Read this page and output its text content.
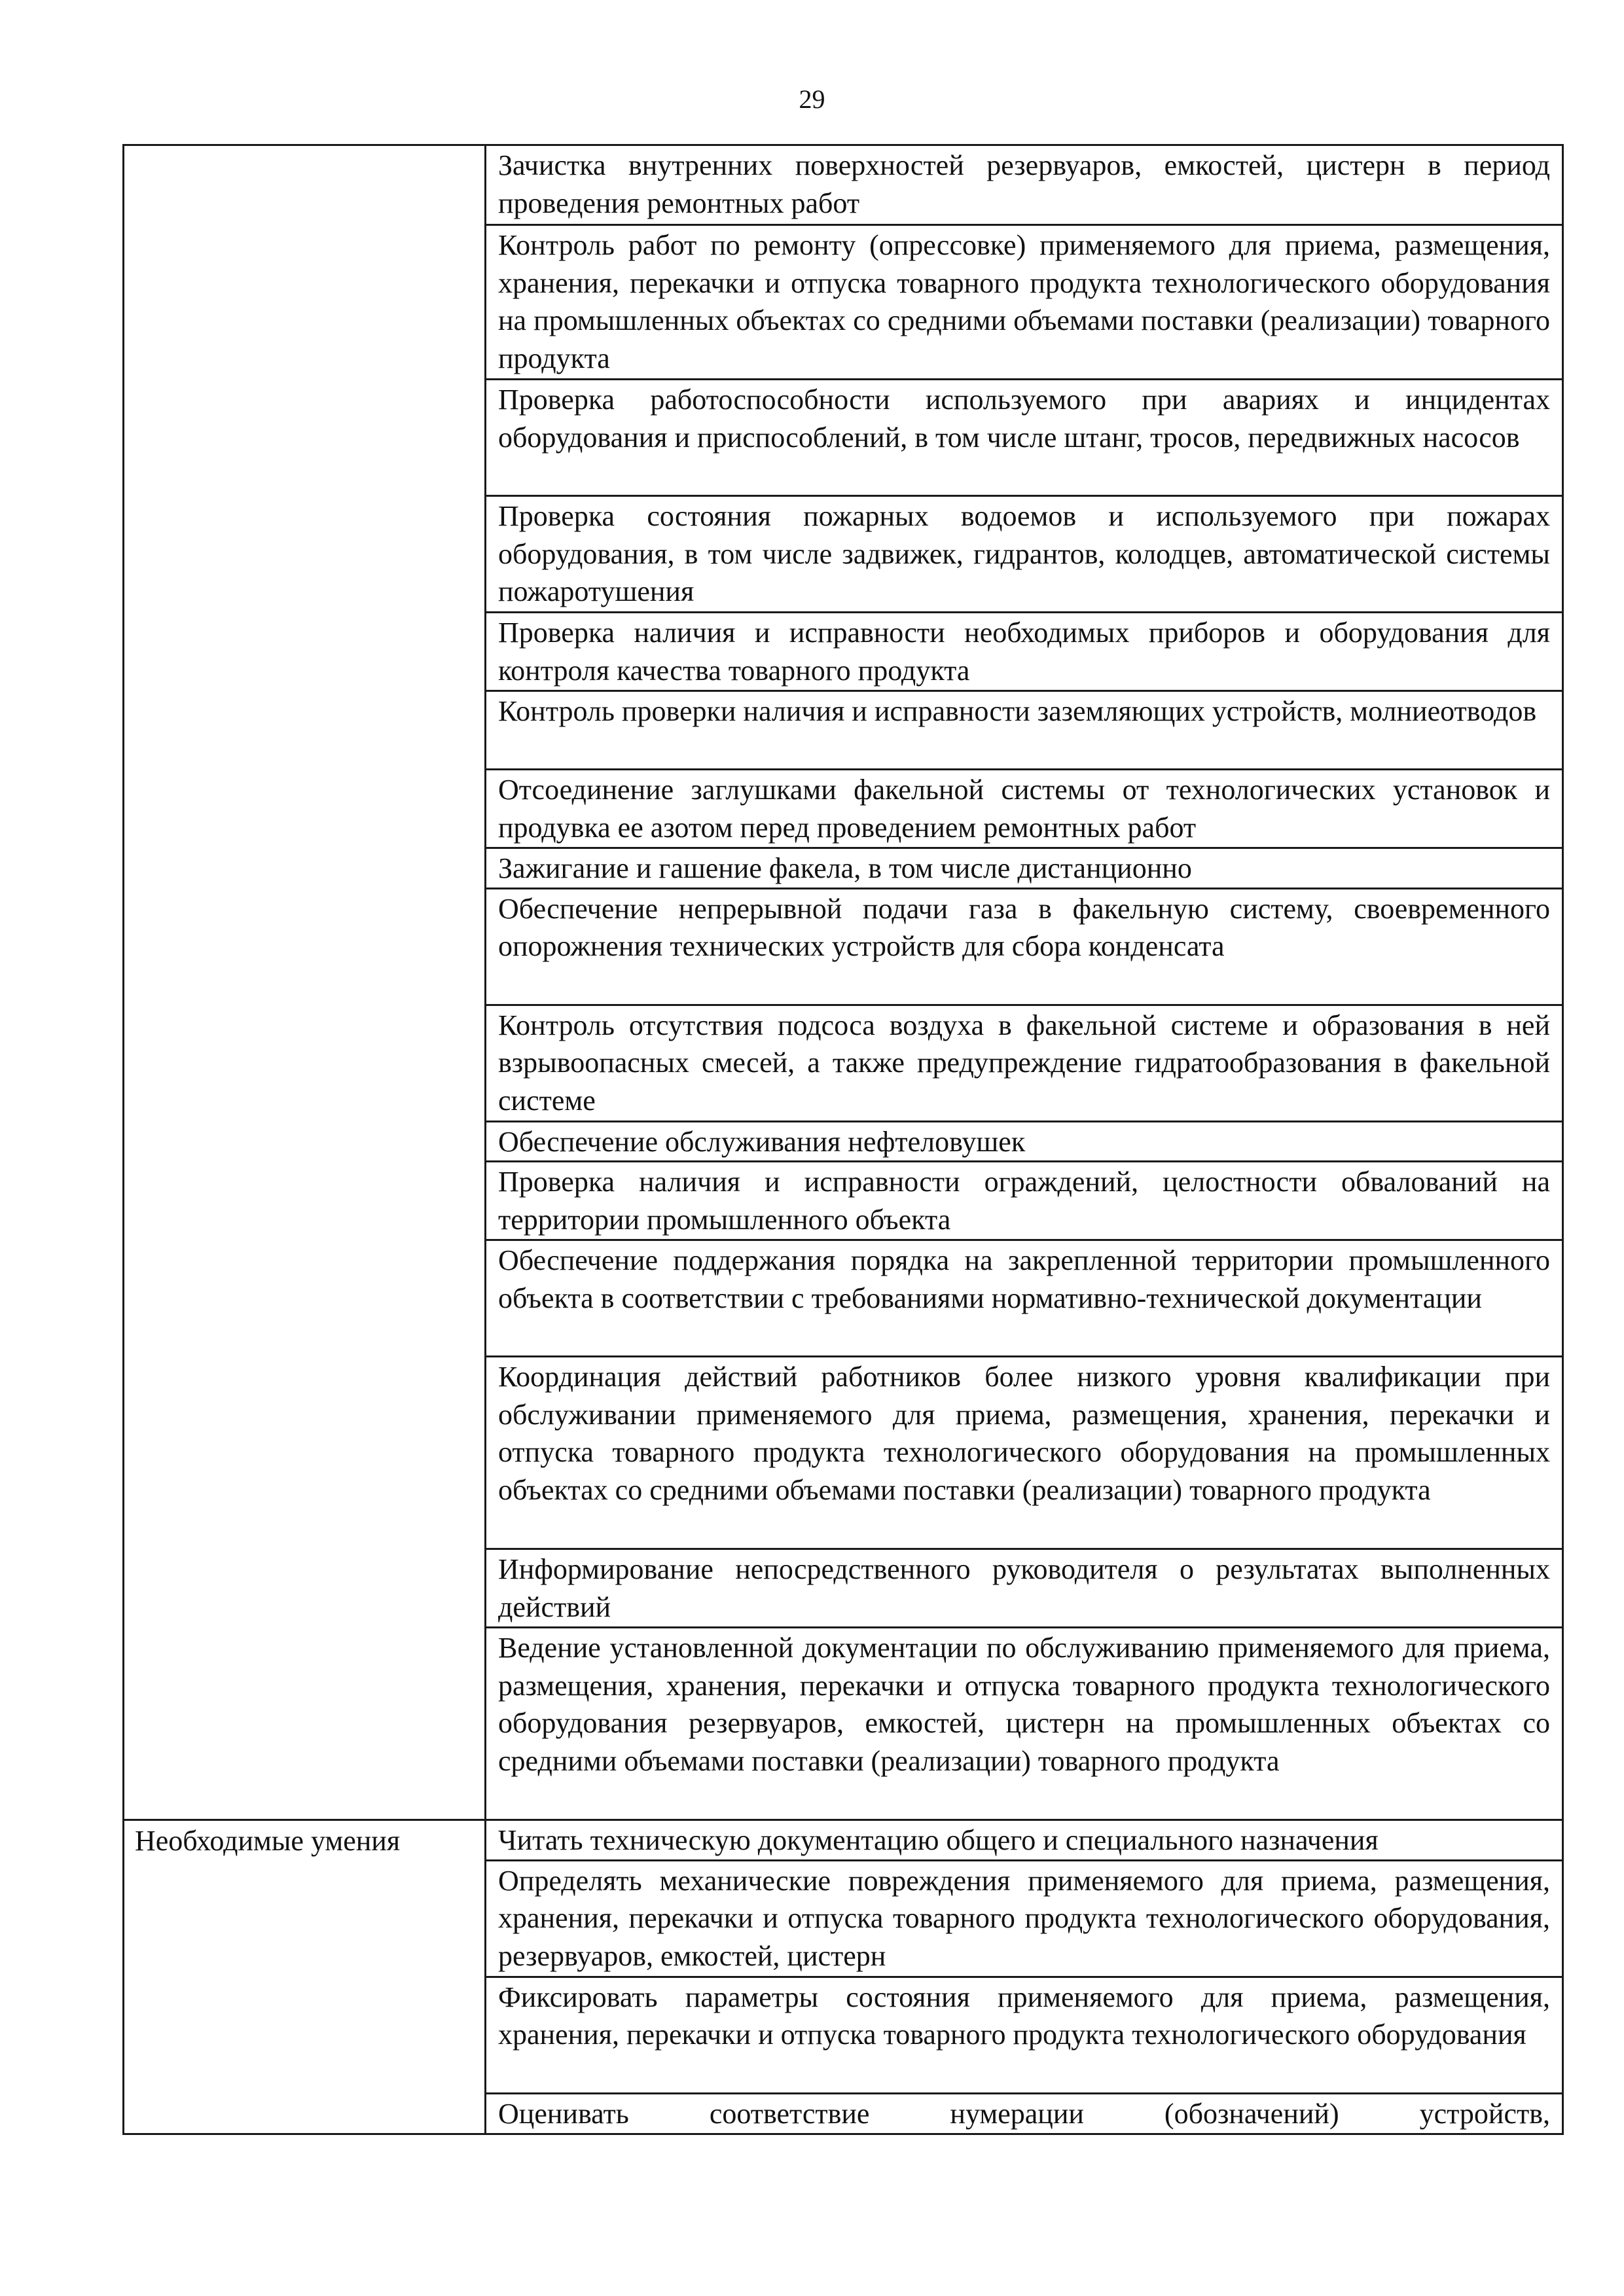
29

	Зачистка внутренних поверхностей резервуаров, емкостей, цистерн в период проведения ремонтных работ

	Контроль работ по ремонту (опрессовке) применяемого для приема, размещения, хранения, перекачки и отпуска товарного продукта технологического оборудования на промышленных объектах со средними объемами поставки (реализации) товарного продукта

	Проверка работоспособности используемого при авариях и инцидентах оборудования и приспособлений, в том числе штанг, тросов, передвижных насосов

	Проверка состояния пожарных водоемов и используемого при пожарах оборудования, в том числе задвижек, гидрантов, колодцев, автоматической системы пожаротушения

	Проверка наличия и исправности необходимых приборов и оборудования для контроля качества товарного продукта

	Контроль проверки наличия и исправности заземляющих устройств, молниеотводов

	Отсоединение заглушками факельной системы от технологических установок и продувка ее азотом перед проведением ремонтных работ

	Зажигание и гашение факела, в том числе дистанционно

	Обеспечение непрерывной подачи газа в факельную систему, своевременного опорожнения технических устройств для сбора конденсата

	Контроль отсутствия подсоса воздуха в факельной системе и образования в ней взрывоопасных смесей, а также предупреждение гидратообразования в факельной системе

	Обеспечение обслуживания нефтеловушек

	Проверка наличия и исправности ограждений, целостности обвалований на территории промышленного объекта

	Обеспечение поддержания порядка на закрепленной территории промышленного объекта в соответствии с требованиями нормативно-технической документации

	Координация действий работников более низкого уровня квалификации при обслуживании применяемого для приема, размещения, хранения, перекачки и отпуска товарного продукта технологического оборудования на промышленных объектах со средними объемами поставки (реализации) товарного продукта

	Информирование непосредственного руководителя о результатах выполненных действий

	Ведение установленной документации по обслуживанию применяемого для приема, размещения, хранения, перекачки и отпуска товарного продукта технологического оборудования резервуаров, емкостей, цистерн на промышленных объектах со средними объемами поставки (реализации) товарного продукта

Необходимые умения	Читать техническую документацию общего и специального назначения

	Определять механические повреждения применяемого для приема, размещения, хранения, перекачки и отпуска товарного продукта технологического оборудования, резервуаров, емкостей, цистерн

	Фиксировать параметры состояния применяемого для приема, размещения, хранения, перекачки и отпуска товарного продукта технологического оборудования

	Оценивать соответствие нумерации (обозначений) устройств,
